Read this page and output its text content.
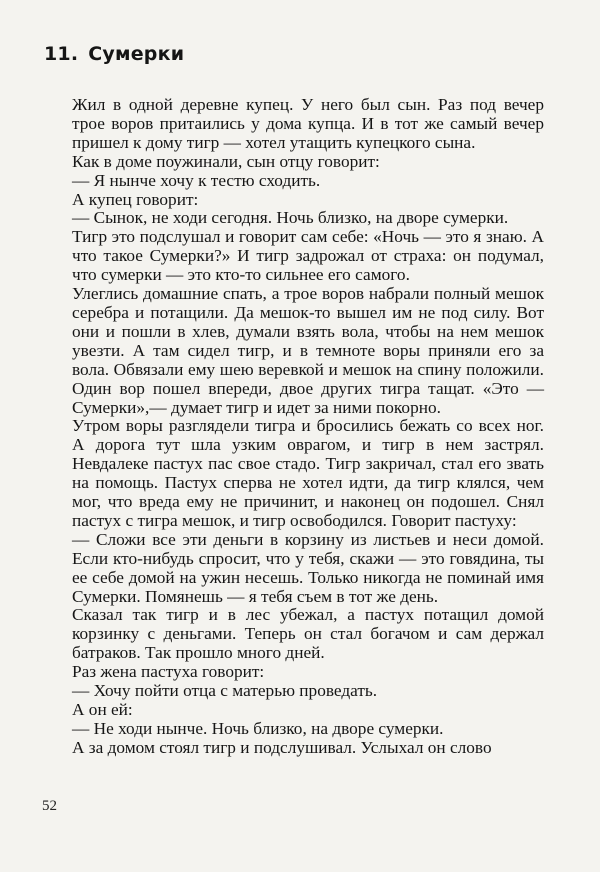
11. Сумерки

Жил в одной деревне купец. У него был сын. Раз под вечер трое воров притаились у дома купца. И в тот же самый вечер пришел к дому тигр — хотел утащить купецкого сына.

Как в доме поужинали, сын отцу говорит:

— Я нынче хочу к тестю сходить.

А купец говорит:

— Сынок, не ходи сегодня. Ночь близко, на дворе сумерки.

Тигр это подслушал и говорит сам себе: «Ночь — это я знаю. А что такое Сумерки?» И тигр задрожал от страха: он подумал, что сумерки — это кто-то сильнее его самого.

Улеглись домашние спать, а трое воров набрали полный мешок серебра и потащили. Да мешок-то вышел им не под силу. Вот они и пошли в хлев, думали взять вола, чтобы на нем мешок увезти. А там сидел тигр, и в темноте воры приняли его за вола. Обвязали ему шею веревкой и мешок на спину положили. Один вор пошел впереди, двое других тигра тащат. «Это — Сумерки»,— думает тигр и идет за ними покорно.

Утром воры разглядели тигра и бросились бежать со всех ног. А дорога тут шла узким оврагом, и тигр в нем застрял. Невдалеке пастух пас свое стадо. Тигр закричал, стал его звать на помощь. Пастух сперва не хотел идти, да тигр клялся, чем мог, что вреда ему не причинит, и наконец он подошел. Снял пастух с тигра мешок, и тигр освободился. Говорит пастуху:

— Сложи все эти деньги в корзину из листьев и неси домой. Если кто-нибудь спросит, что у тебя, скажи — это говядина, ты ее себе домой на ужин несешь. Только никогда не поминай имя Сумерки. Помянешь — я тебя съем в тот же день.

Сказал так тигр и в лес убежал, а пастух потащил домой корзинку с деньгами. Теперь он стал богачом и сам держал батраков. Так прошло много дней.

Раз жена пастуха говорит:

— Хочу пойти отца с матерью проведать.

А он ей:

— Не ходи нынче. Ночь близко, на дворе сумерки.

А за домом стоял тигр и подслушивал. Услыхал он слово

52
